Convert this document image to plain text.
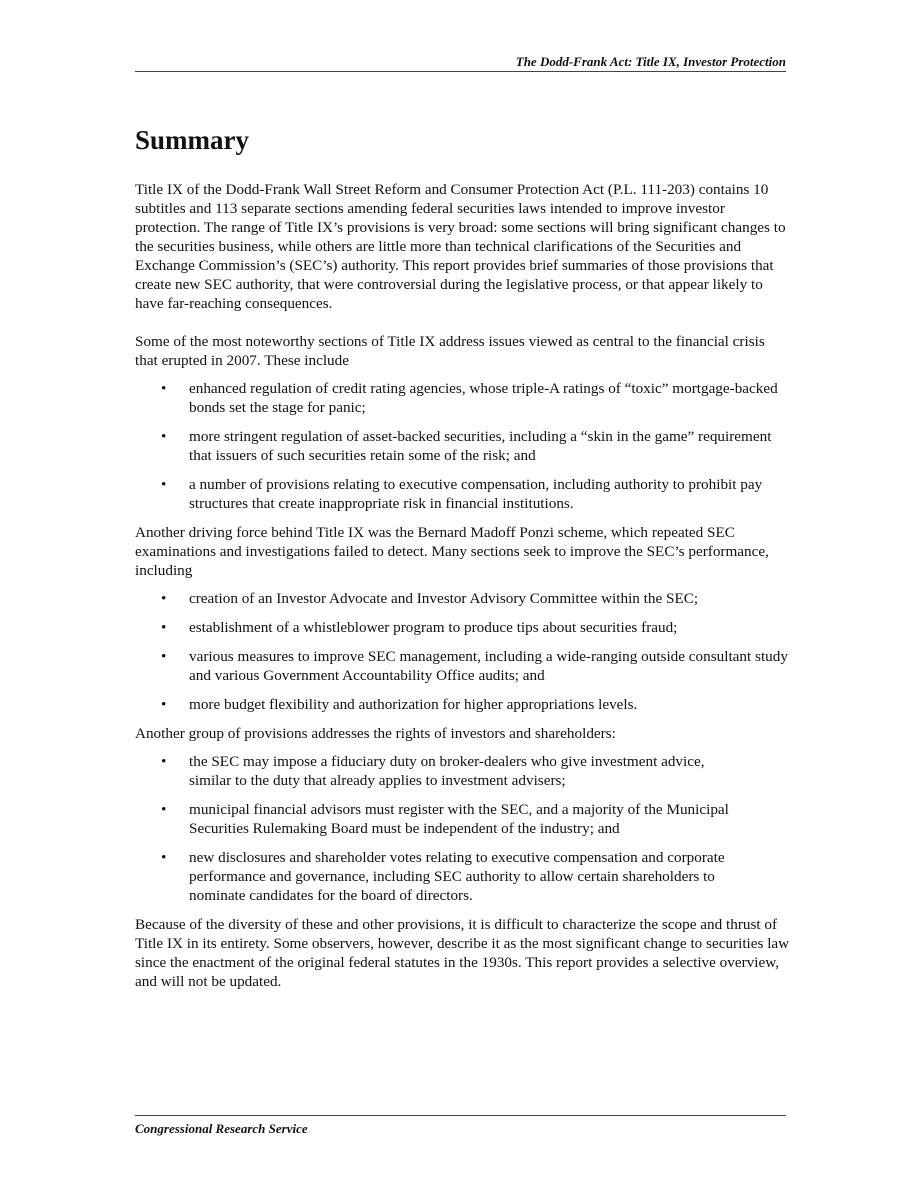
The Dodd-Frank Act: Title IX, Investor Protection
Summary

Title IX of the Dodd-Frank Wall Street Reform and Consumer Protection Act (P.L. 111-203) contains 10 subtitles and 113 separate sections amending federal securities laws intended to improve investor protection. The range of Title IX’s provisions is very broad: some sections will bring significant changes to the securities business, while others are little more than technical clarifications of the Securities and Exchange Commission’s (SEC’s) authority. This report provides brief summaries of those provisions that create new SEC authority, that were controversial during the legislative process, or that appear likely to have far-reaching consequences.

Some of the most noteworthy sections of Title IX address issues viewed as central to the financial crisis that erupted in 2007. These include

• enhanced regulation of credit rating agencies, whose triple-A ratings of “toxic” mortgage-backed bonds set the stage for panic;
• more stringent regulation of asset-backed securities, including a “skin in the game” requirement that issuers of such securities retain some of the risk; and
• a number of provisions relating to executive compensation, including authority to prohibit pay structures that create inappropriate risk in financial institutions.

Another driving force behind Title IX was the Bernard Madoff Ponzi scheme, which repeated SEC examinations and investigations failed to detect. Many sections seek to improve the SEC’s performance, including

• creation of an Investor Advocate and Investor Advisory Committee within the SEC;
• establishment of a whistleblower program to produce tips about securities fraud;
• various measures to improve SEC management, including a wide-ranging outside consultant study and various Government Accountability Office audits; and
• more budget flexibility and authorization for higher appropriations levels.

Another group of provisions addresses the rights of investors and shareholders:

• the SEC may impose a fiduciary duty on broker-dealers who give investment advice, similar to the duty that already applies to investment advisers;
• municipal financial advisors must register with the SEC, and a majority of the Municipal Securities Rulemaking Board must be independent of the industry; and
• new disclosures and shareholder votes relating to executive compensation and corporate performance and governance, including SEC authority to allow certain shareholders to nominate candidates for the board of directors.

Because of the diversity of these and other provisions, it is difficult to characterize the scope and thrust of Title IX in its entirety. Some observers, however, describe it as the most significant change to securities law since the enactment of the original federal statutes in the 1930s. This report provides a selective overview, and will not be updated.

Congressional Research Service
